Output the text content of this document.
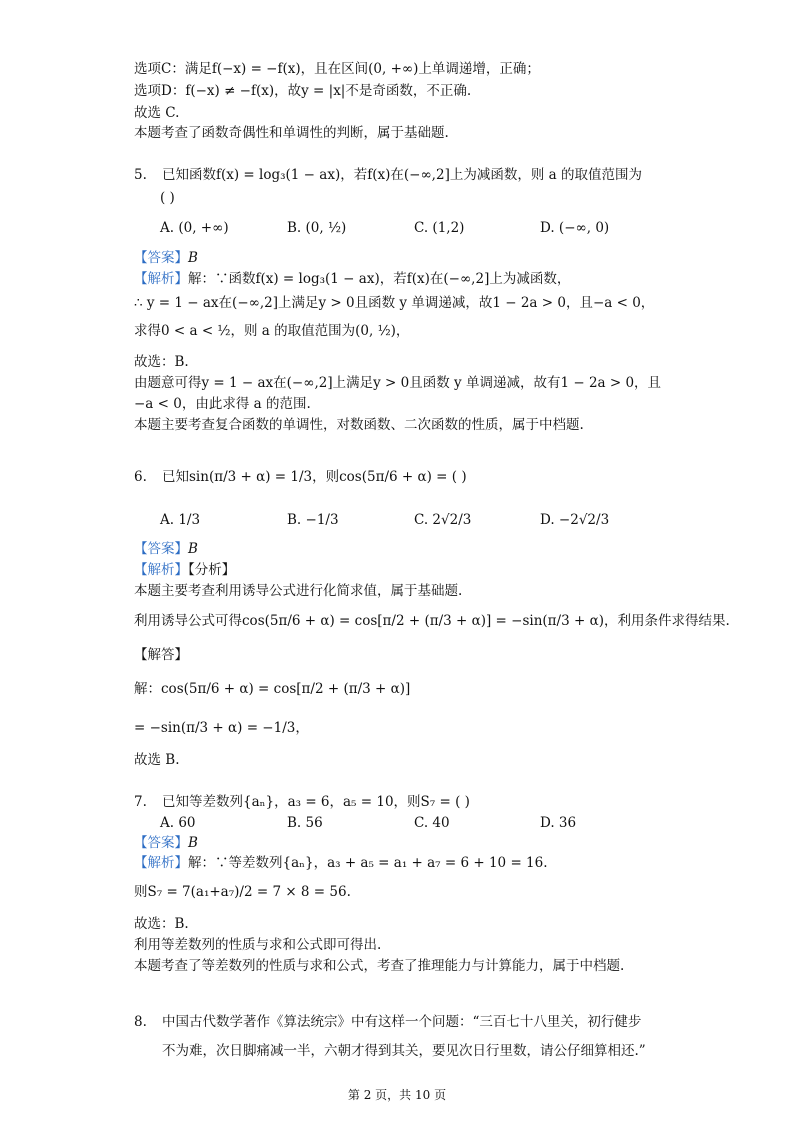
选项C：满足f(−x) = −f(x)，且在区间(0, +∞)上单调递增，正确；
选项D：f(−x) ≠ −f(x)，故y = |x|不是奇函数，不正确.
故选 C.
本题考查了函数奇偶性和单调性的判断，属于基础题.
5. 已知函数f(x) = log₃(1 − ax)，若f(x)在(−∞,2]上为减函数，则 a 的取值范围为
( )
A. (0, +∞)	B. (0, ½)	C. (1,2)	D. (−∞, 0)
【答案】B
【解析】解：∵函数f(x) = log₃(1 − ax)，若f(x)在(−∞,2]上为减函数，
∴ y = 1 − ax在(−∞,2]上满足y > 0且函数 y 单调递减，故1 − 2a > 0，且−a < 0，
求得0 < a < ½，则 a 的取值范围为(0, ½)，
故选：B.
由题意可得y = 1 − ax在(−∞,2]上满足y > 0且函数 y 单调递减，故有1 − 2a > 0，且
−a < 0，由此求得 a 的范围.
本题主要考查复合函数的单调性，对数函数、二次函数的性质，属于中档题.
6. 已知sin(π/3 + α) = 1/3，则cos(5π/6 + α) = ( )
A. 1/3	B. −1/3	C. 2√2/3	D. −2√2/3
【答案】B
【解析】【分析】
本题主要考查利用诱导公式进行化简求值，属于基础题.
利用诱导公式可得cos(5π/6 + α) = cos[π/2 + (π/3 + α)] = −sin(π/3 + α)，利用条件求得结果.
【解答】
解：cos(5π/6 + α) = cos[π/2 + (π/3 + α)]
= −sin(π/3 + α) = −1/3，
故选 B.
7. 已知等差数列{aₙ}，a₃ = 6，a₅ = 10，则S₇ = ( )
A. 60	B. 56	C. 40	D. 36
【答案】B
【解析】解：∵等差数列{aₙ}，a₃ + a₅ = a₁ + a₇ = 6 + 10 = 16.
则S₇ = 7(a₁+a₇)/2 = 7 × 8 = 56.
故选：B.
利用等差数列的性质与求和公式即可得出.
本题考查了等差数列的性质与求和公式，考查了推理能力与计算能力，属于中档题.
8. 中国古代数学著作《算法统宗》中有这样一个问题：“三百七十八里关，初行健步
不为难，次日脚痛减一半，六朝才得到其关，要见次日行里数，请公仔细算相还.”
第 2 页，共 10 页
